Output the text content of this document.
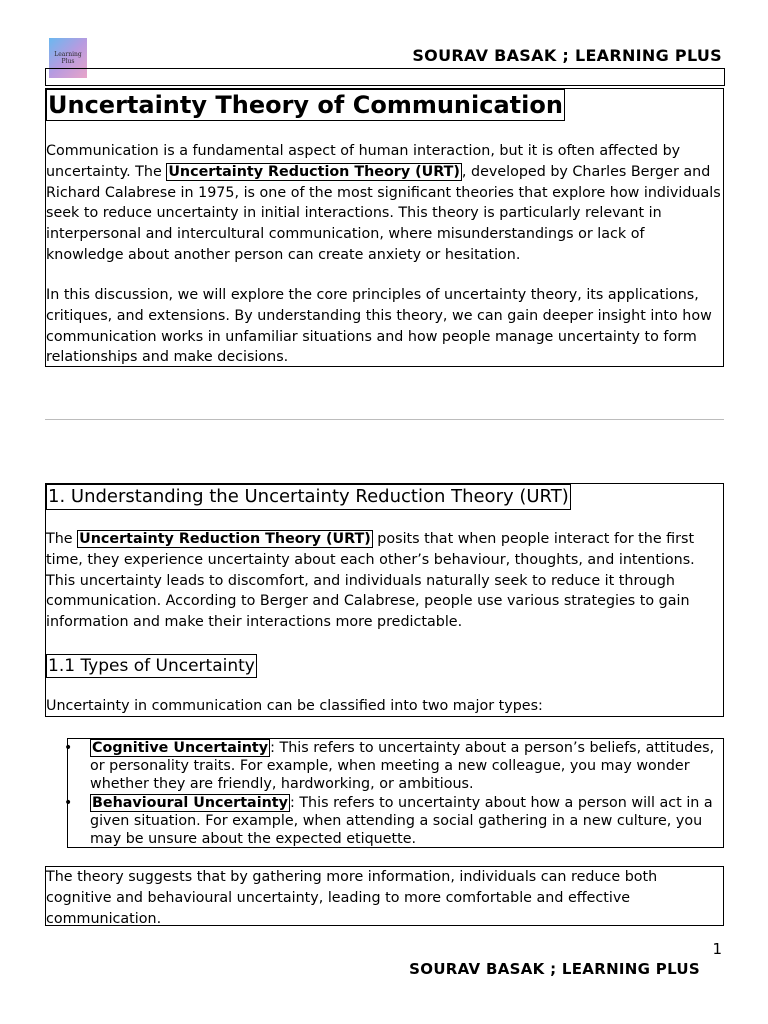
Learning
Plus	SOURAV BASAK ; LEARNING PLUS
Uncertainty Theory of Communication

Communication is a fundamental aspect of human interaction, but it is often affected by uncertainty. The Uncertainty Reduction Theory (URT) , developed by Charles Berger and Richard Calabrese in 1975, is one of the most significant theories that explore how individuals seek to reduce uncertainty in initial interactions. This theory is particularly relevant in interpersonal and intercultural communication, where misunderstandings or lack of knowledge about another person can create anxiety or hesitation.

In this discussion, we will explore the core principles of uncertainty theory, its applications, critiques, and extensions. By understanding this theory, we can gain deeper insight into how communication works in unfamiliar situations and how people manage uncertainty to form relationships and make decisions.

1. Understanding the Uncertainty Reduction Theory (URT)

The Uncertainty Reduction Theory (URT) posits that when people interact for the first time, they experience uncertainty about each other’s behaviour, thoughts, and intentions. This uncertainty leads to discomfort, and individuals naturally seek to reduce it through communication. According to Berger and Calabrese, people use various strategies to gain information and make their interactions more predictable.

1.1 Types of Uncertainty

Uncertainty in communication can be classified into two major types:

• Cognitive Uncertainty : This refers to uncertainty about a person’s beliefs, attitudes, or personality traits. For example, when meeting a new colleague, you may wonder whether they are friendly, hardworking, or ambitious.
• Behavioural Uncertainty : This refers to uncertainty about how a person will act in a given situation. For example, when attending a social gathering in a new culture, you may be unsure about the expected etiquette.

The theory suggests that by gathering more information, individuals can reduce both cognitive and behavioural uncertainty, leading to more comfortable and effective communication.

1
SOURAV BASAK ; LEARNING PLUS
